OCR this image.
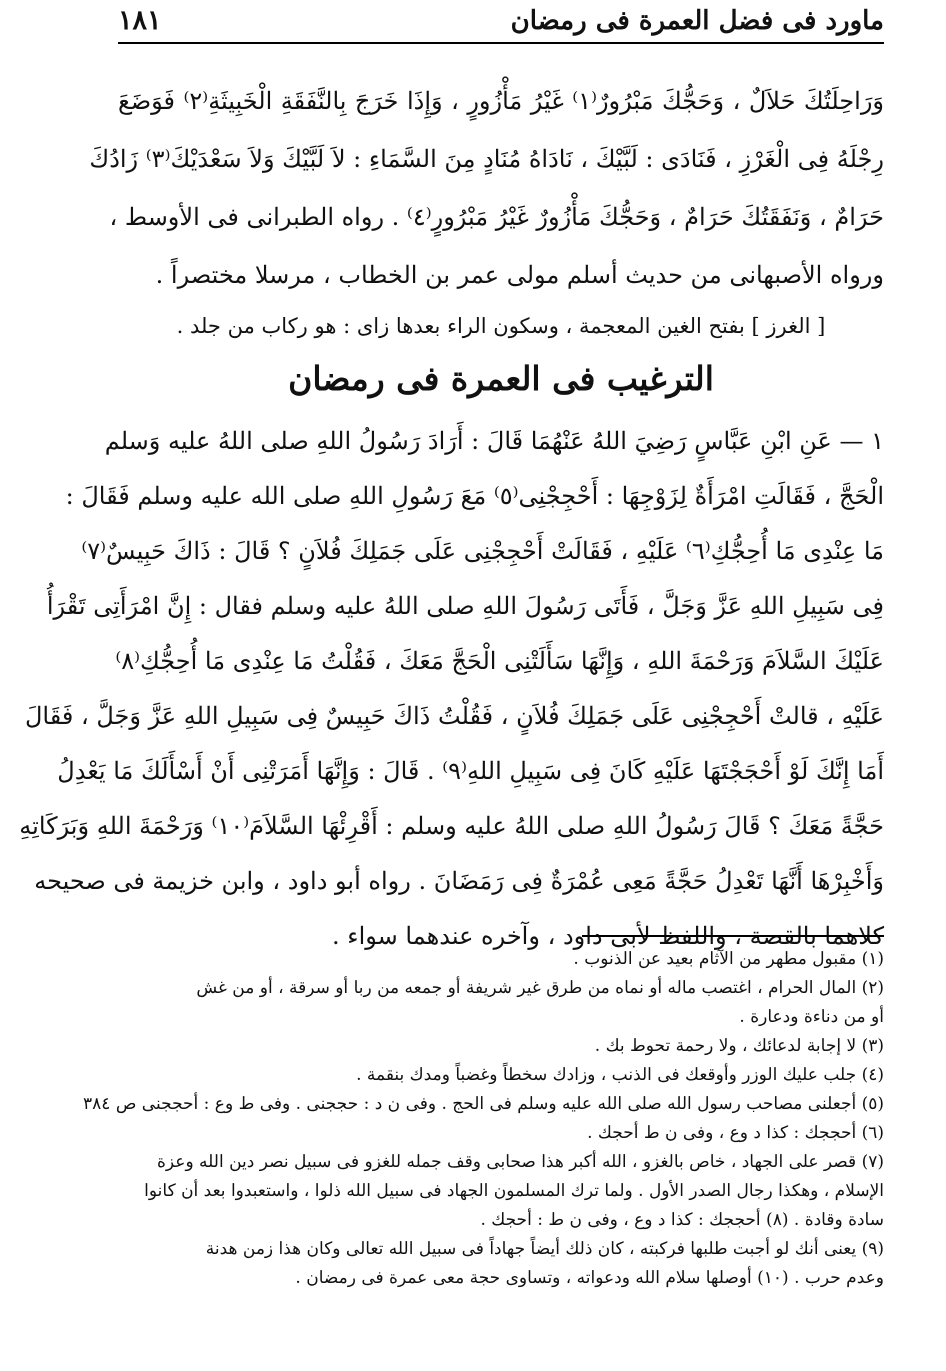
ماورد فى فضل العمرة فى رمضان
١٨١
وَرَاحِلَتُكَ حَلاَلٌ ، وَحَجُّكَ مَبْرُورٌ⁽١⁾ غَيْرُ مَأْزُورٍ ، وَإِذَا خَرَجَ بِالنَّفَقَةِ الْخَبِيثَةِ⁽٢⁾ فَوَضَعَ
رِجْلَهُ فِى الْغَرْزِ ، فَنَادَى : لَبَّيْكَ ، نَادَاهُ مُنَادٍ مِنَ السَّمَاءِ : لاَ لَبَّيْكَ وَلاَ سَعْدَيْكَ⁽٣⁾ زَادُكَ
حَرَامٌ ، وَنَفَقَتُكَ حَرَامٌ ، وَحَجُّكَ مَأْزُورٌ غَيْرُ مَبْرُورٍ⁽٤⁾ . رواه الطبرانى فى الأوسط ،
ورواه الأصبهانى من حديث أسلم مولى عمر بن الخطاب ، مرسلا مختصراً .
[ الغرز ] بفتح الغين المعجمة ، وسكون الراء بعدها زاى : هو ركاب من جلد .
الترغيب فى العمرة فى رمضان
١ — عَنِ ابْنِ عَبَّاسٍ رَضِيَ اللهُ عَنْهُمَا قَالَ : أَرَادَ رَسُولُ اللهِ صلى اللهُ عليه وَسلم
الْحَجَّ ، فَقَالَتِ امْرَأَةٌ لِزَوْجِهَا : أَحْجِجْنِى⁽٥⁾ مَعَ رَسُولِ اللهِ صلى الله عليه وسلم فَقَالَ :
مَا عِنْدِى مَا أُحِجُّكِ⁽٦⁾ عَلَيْهِ ، فَقَالَتْ أَحْجِجْنِى عَلَى جَمَلِكَ فُلاَنٍ ؟ قَالَ : ذَاكَ حَبِيسٌ⁽٧⁾
فِى سَبِيلِ اللهِ عَزَّ وَجَلَّ ، فَأَتَى رَسُولَ اللهِ صلى اللهُ عليه وسلم فقال : إِنَّ امْرَأَتِى تَقْرَأُ
عَلَيْكَ السَّلاَمَ وَرَحْمَةَ اللهِ ، وَإِنَّهَا سَأَلَتْنِى الْحَجَّ مَعَكَ ، فَقُلْتُ مَا عِنْدِى مَا أُحِجُّكِ⁽٨⁾
عَلَيْهِ ، قالتْ أَحْجِجْنِى عَلَى جَمَلِكَ فُلاَنٍ ، فَقُلْتُ ذَاكَ حَبِيسٌ فِى سَبِيلِ اللهِ عَزَّ وَجَلَّ ، فَقَالَ
أَمَا إِنَّكَ لَوْ أَحْجَجْتَهَا عَلَيْهِ كَانَ فِى سَبِيلِ اللهِ⁽٩⁾ . قَالَ : وَإِنَّهَا أَمَرَتْنِى أَنْ أَسْأَلَكَ مَا يَعْدِلُ
حَجَّةً مَعَكَ ؟ قَالَ رَسُولُ اللهِ صلى اللهُ عليه وسلم : أَقْرِئْهَا السَّلاَمَ⁽١٠⁾ وَرَحْمَةَ اللهِ وَبَرَكَاتِهِ
وَأَخْبِرْهَا أَنَّهَا تَعْدِلُ حَجَّةً مَعِى عُمْرَةٌ فِى رَمَضَانَ . رواه أبو داود ، وابن خزيمة فى صحيحه
كلاهما بالقصة ، واللفظ لأبى داود ، وآخره عندهما سواء .
(١) مقبول مطهر من الآثام بعيد عن الذنوب .
(٢) المال الحرام ، اغتصب ماله أو نماه من طرق غير شريفة أو جمعه من ربا أو سرقة ، أو من غش
أو من دناءة ودعارة .
(٣) لا إجابة لدعائك ، ولا رحمة تحوط بك .
(٤) جلب عليك الوزر وأوقعك فى الذنب ، وزادك سخطاً وغضباً ومدك بنقمة .
(٥) أجعلنى مصاحب رسول الله صلى الله عليه وسلم فى الحج . وفى ن د : حججنى . وفى ط وع : أحججنى ص ٣٨٤
(٦) أحججك : كذا د وع ، وفى ن ط أحجك .
(٧) قصر على الجهاد ، خاص بالغزو ، الله أكبر هذا صحابى وقف جمله للغزو فى سبيل نصر دين الله وعزة
الإسلام ، وهكذا رجال الصدر الأول . ولما ترك المسلمون الجهاد فى سبيل الله ذلوا ، واستعبدوا بعد أن كانوا
سادة وقادة . (٨) أحججك : كذا د وع ، وفى ن ط : أحجك .
(٩) يعنى أنك لو أجبت طلبها فركبته ، كان ذلك أيضاً جهاداً فى سبيل الله تعالى وكان هذا زمن هدنة
وعدم حرب . (١٠) أوصلها سلام الله ودعواته ، وتساوى حجة معى عمرة فى رمضان .
